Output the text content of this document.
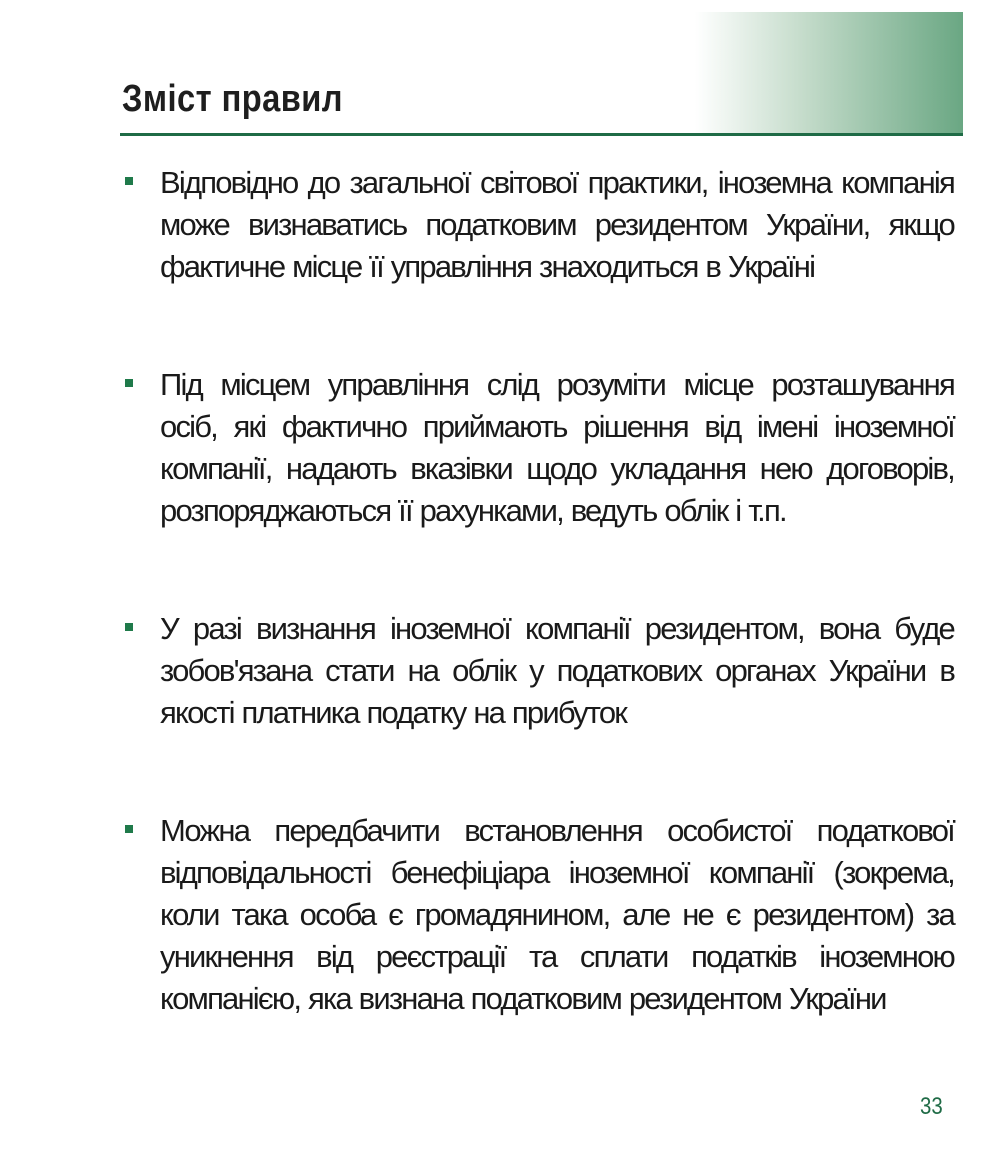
Зміст правил
Відповідно до загальної світової практики, іноземна компанія може визнаватись податковим резидентом України, якщо фактичне місце її управління знаходиться в Україні
Під місцем управління слід розуміти місце розташування осіб, які фактично приймають рішення від імені іноземної компанії, надають вказівки щодо укладання нею договорів, розпоряджаються її рахунками, ведуть облік і т.п.
У разі визнання іноземної компанії резидентом, вона буде зобов'язана стати на облік у податкових органах України в якості платника податку на прибуток
Можна передбачити встановлення особистої податкової відповідальності бенефіціара іноземної компанії (зокрема, коли така особа є громадянином, але не є резидентом) за уникнення від реєстрації та сплати податків іноземною компанією, яка визнана податковим резидентом України
33
